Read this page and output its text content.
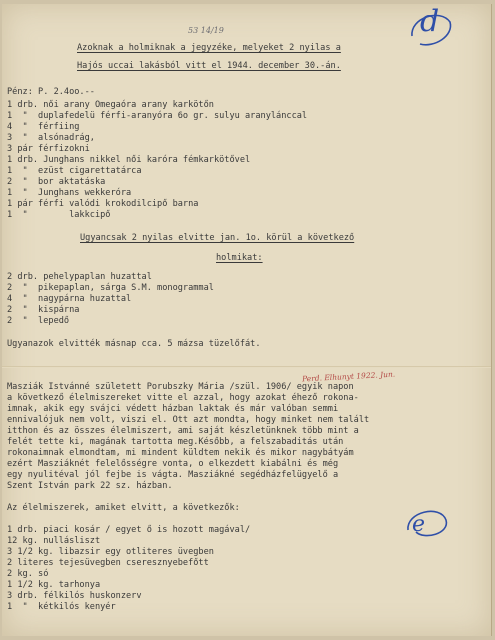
d
53 14/19
Perd. Elhunyt 1922. Jun.
e
Azoknak a holmiknak a jegyzéke, melyeket 2 nyilas a
Hajós uccai lakásból vitt el 1944. december 30.-án.
Pénz: P. 2.4oo.--
1 drb. női arany Omegaóra arany karkötőn
1  "  duplafedelü férfi-aranyóra 6o gr. sulyu aranylánccal
4  "  férfiing
3  "  alsónadrág,
3 pár férfizokni
1 drb. Junghans nikkel női karóra fémkarkötővel
1  "  ezüst cigarettatárca
2  "  bor aktatáska
1  "  Junghans wekkeróra
1 pár férfi valódi krokodilcipő barna
1  "        lakkcipő
Ugyancsak 2 nyilas elvitte jan. 1o. körül a következő
holmikat:
2 drb. pehelypaplan huzattal
2  "  pikepaplan, sárga S.M. monogrammal
4  "  nagypárna huzattal
2  "  kispárna
2  "  lepedő
Ugyanazok elvitték másnap cca. 5 mázsa tüzelőfát.
Masziák Istvánné született Porubszky Mária /szül. 1906/ egyik napon
a következő élelmiszereket vitte el azzal, hogy azokat éhező rokona-
imnak, akik egy svájci védett házban laktak és már valóban semmi
ennivalójuk nem volt, viszi el. Ott azt mondta, hogy minket nem talált
itthon és az összes élelmiszert, ami saját készletünknek több mint a
felét tette ki, magának tartotta meg.Később, a felszabaditás után
rokonaimnak elmondtam, mi mindent küldtem nekik és mikor nagybátyám
ezért Masziáknét felelősségre vonta, o elkezdett kiabálni és még
egy nyulitéval jól fejbe is vágta. Masziákné segédházfelügyelő a
Szent István park 22 sz. házban.
Az élelmiszerek, amiket elvitt, a következők:
1 drb. piaci kosár / egyet ő is hozott magával/
12 kg. nullásliszt
3 1/2 kg. libazsir egy otliteres üvegben
2 literes tejesüvegben cseresznyebefőtt
2 kg. só
1 1/2 kg. tarhonya
3 drb. félkilós huskonzerv
1  "  kétkilós kenyér
